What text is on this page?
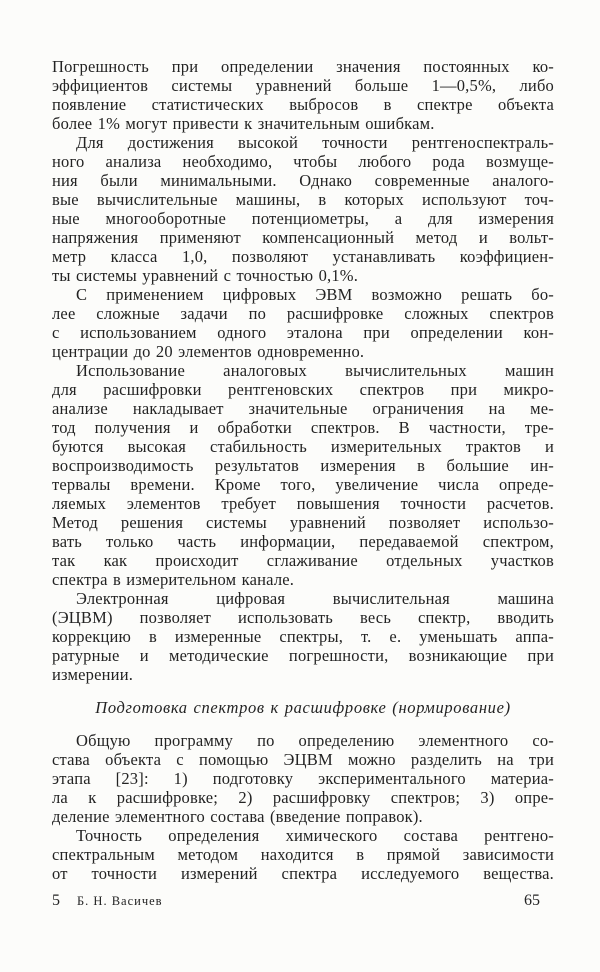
Погрешность при определении значения постоянных ко-
эффициентов системы уравнений больше 1—0,5%, либо
появление статистических выбросов в спектре объекта
более 1% могут привести к значительным ошибкам.
Для достижения высокой точности рентгеноспектраль-
ного анализа необходимо, чтобы любого рода возмуще-
ния были минимальными. Однако современные аналого-
вые вычислительные машины, в которых используют точ-
ные многооборотные потенциометры, а для измерения
напряжения применяют компенсационный метод и вольт-
метр класса 1,0, позволяют устанавливать коэффициен-
ты системы уравнений с точностью 0,1%.
С применением цифровых ЭВМ возможно решать бо-
лее сложные задачи по расшифровке сложных спектров
с использованием одного эталона при определении кон-
центрации до 20 элементов одновременно.
Использование аналоговых вычислительных машин
для расшифровки рентгеновских спектров при микро-
анализе накладывает значительные ограничения на ме-
тод получения и обработки спектров. В частности, тре-
буются высокая стабильность измерительных трактов и
воспроизводимость результатов измерения в большие ин-
тервалы времени. Кроме того, увеличение числа опреде-
ляемых элементов требует повышения точности расчетов.
Метод решения системы уравнений позволяет использо-
вать только часть информации, передаваемой спектром,
так как происходит сглаживание отдельных участков
спектра в измерительном канале.
Электронная цифровая вычислительная машина
(ЭЦВМ) позволяет использовать весь спектр, вводить
коррекцию в измеренные спектры, т. е. уменьшать аппа-
ратурные и методические погрешности, возникающие при
измерении.
Подготовка спектров к расшифровке (нормирование)
Общую программу по определению элементного со-
става объекта с помощью ЭЦВМ можно разделить на три
этапа [23]: 1) подготовку экспериментального материа-
ла к расшифровке; 2) расшифровку спектров; 3) опре-
деление элементного состава (введение поправок).
Точность определения химического состава рентгено-
спектральным методом находится в прямой зависимости
от точности измерений спектра исследуемого вещества.
5 Б. Н. Васичев	65
